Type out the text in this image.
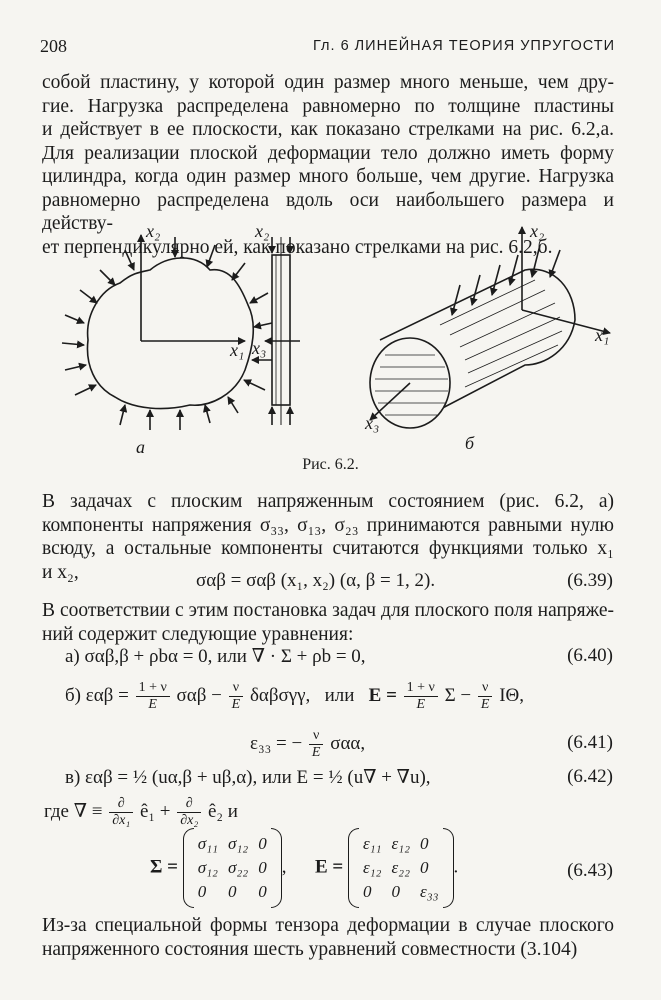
208	Гл. 6 ЛИНЕЙНАЯ ТЕОРИЯ УПРУГОСТИ

собой пластину, у которой один размер много меньше, чем дру-

гие. Нагрузка распределена равномерно по толщине пластины

и действует в ее плоскости, как показано стрелками на рис. 6.2,а.

Для реализации плоской деформации тело должно иметь форму

цилиндра, когда один размер много больше, чем другие. Нагрузка

равномерно распределена вдоль оси наибольшего размера и действу-

ет перпендикулярно ей, как показано стрелками на рис. 6.2,б.

x₂
x₁ x₃
x₂	x₂
x₁
x₃
а	б
Рис. 6.2.

В задачах с плоским напряженным состоянием (рис. 6.2, а)

компоненты напряжения σ₃₃, σ₁₃, σ₂₃ принимаются равными нулю

всюду, а остальные компоненты считаются функциями только x₁

и x₂,	σαβ = σαβ (x₁, x₂) (α, β = 1, 2).	(6.39)

В соответствии с этим постановка задач для плоского поля напряже-

ний содержит следующие уравнения:

а) σαβ,β + ρbα = 0, или ∇ · Σ + ρb = 0,	(6.40)
б) $\varepsilon\alpha\beta = \frac{1 + \nu}{E}$ $\sigma\alpha\beta - \frac{\nu}{E} \delta\alpha\beta\sigma\gamma\gamma$, или $E = \frac{1 + \nu}{E}$ $\Sigma - \frac{\nu}{E} I\Theta$,
ε₃₃ = − $\frac{\nu}{E} \sigma\alpha\alpha$,	(6.41)
в) εαβ = ½ (uα,β + uβ,α), или E = ½ (u∇ + ∇u),	(6.42)
где ∇ ≡ $\frac{\partial}{\text{∂x₁}}$ ê₁ + $\frac{\partial}{\text{∂x₂}}$ ê₂ и
Σ =
σ₁₁	σ₁₂	0
σ₁₂	σ₂₂	0
0	0	0
,      E =
ε₁₁	ε₁₂	0
ε₁₂	ε₂₂	0
0	0	ε₃₃
.	(6.43)

Из-за специальной формы тензора деформации в случае плоского

напряженного состояния шесть уравнений совместности (3.104)
